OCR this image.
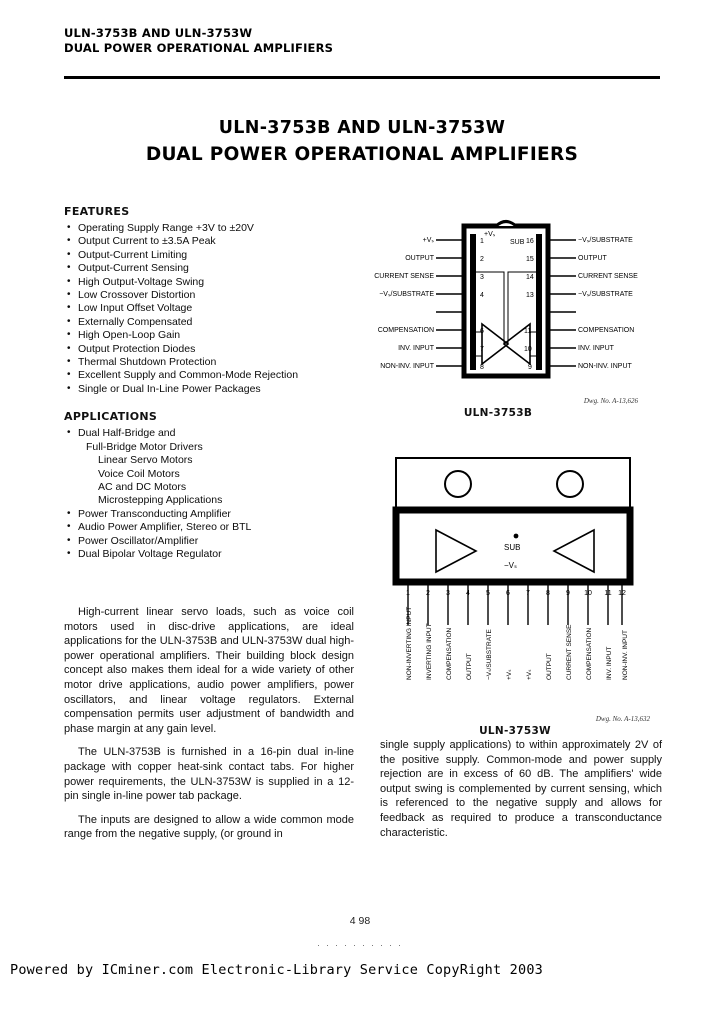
ULN-3753B AND ULN-3753W
DUAL POWER OPERATIONAL AMPLIFIERS
ULN-3753B AND ULN-3753W
DUAL POWER OPERATIONAL AMPLIFIERS
FEATURES
• Operating Supply Range +3V to ±20V
• Output Current to ±3.5A Peak
• Output-Current Limiting
• Output-Current Sensing
• High Output-Voltage Swing
• Low Crossover Distortion
• Low Input Offset Voltage
• Externally Compensated
• High Open-Loop Gain
• Output Protection Diodes
• Thermal Shutdown Protection
• Excellent Supply and Common-Mode Rejection
• Single or Dual In-Line Power Packages
APPLICATIONS
• Dual Half-Bridge and
Full-Bridge Motor Drivers
Linear Servo Motors
Voice Coil Motors
AC and DC Motors
Microstepping Applications
• Power Transconducting Amplifier
• Audio Power Amplifier, Stereo or BTL
• Power Oscillator/Amplifier
• Dual Bipolar Voltage Regulator

High-current linear servo loads, such as voice coil motors used in disc-drive applications, are ideal applications for the ULN-3753B and ULN-3753W dual high-power operational amplifiers. Their building block design concept also makes them ideal for a wide variety of other motor drive applications, audio power amplifiers, power oscillators, and linear voltage regulators. External compensation permits user adjustment of bandwidth and phase margin at any gain level.

The ULN-3753B is furnished in a 16-pin dual in-line package with copper heat-sink contact tabs. For higher power requirements, the ULN-3753W is supplied in a 12-pin single in-line power tab package.

The inputs are designed to allow a wide common mode range from the negative supply, (or ground in

single supply applications) to within approximately 2V of the positive supply. Common-mode and power supply rejection are in excess of 60 dB. The amplifiers' wide output swing is complemented by current sensing, which is referenced to the negative supply and allows for feedback as required to produce a transconductance characteristic.

1
2
3
4
6
7
8
16
15
14
13
11
10
9
+Vₛ
SUB
+Vₛ
OUTPUT
CURRENT SENSE
−Vₛ/SUBSTRATE
COMPENSATION
INV. INPUT
NON-INV. INPUT
−Vₛ/SUBSTRATE
OUTPUT
CURRENT SENSE
−Vₛ/SUBSTRATE
COMPENSATION
INV. INPUT
NON-INV. INPUT
Dwg. No. A-13,626
ULN-3753B
SUB
−Vₛ
1 2 3 4 5 6 7 8 9 10 11 12
NON-INVERTING INPUT INVERTING INPUT COMPENSATION OUTPUT −Vₛ/SUBSTRATE +Vₛ +Vₛ OUTPUT CURRENT SENSE COMPENSATION INV. INPUT NON-INV. INPUT
Dwg. No. A-13,632
ULN-3753W
4 98
. . . . . . . . . .
Powered by ICminer.com Electronic-Library Service CopyRight 2003
